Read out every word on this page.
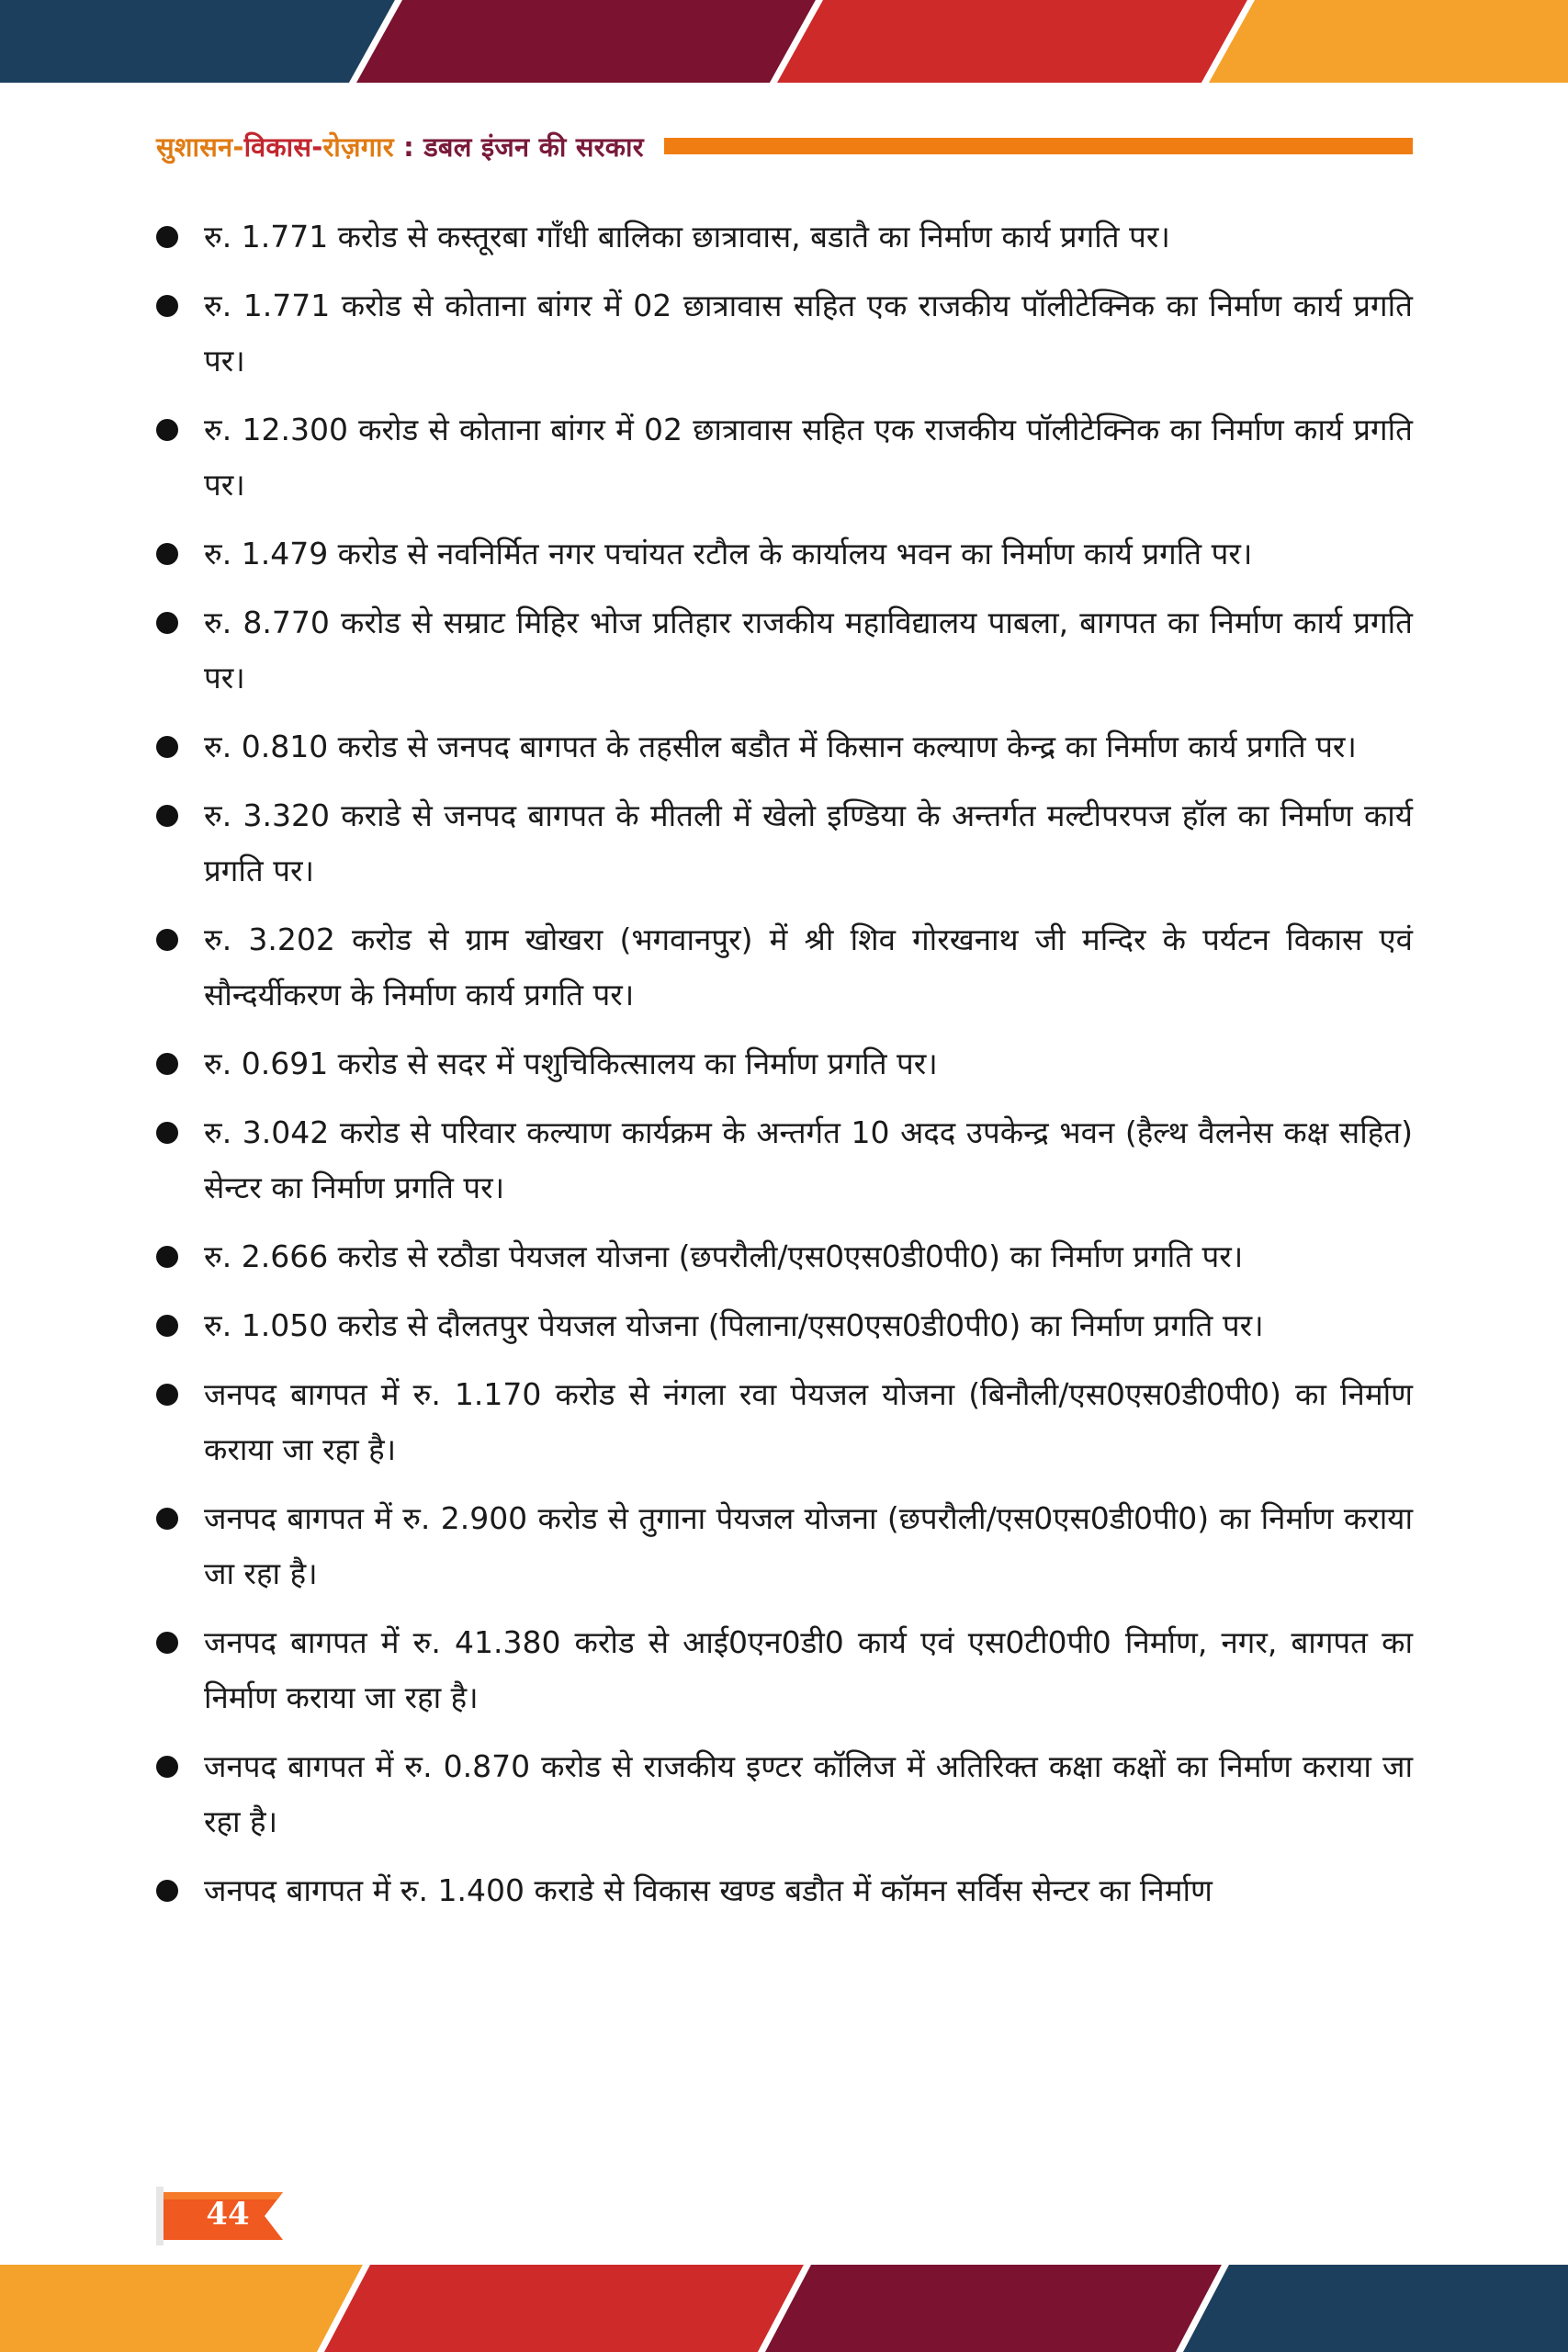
सुशासन-विकास-रोज़गार : डबल इंजन की सरकार
रु. 1.771 करोड से कस्तूरबा गाँधी बालिका छात्रावास, बडातै का निर्माण कार्य प्रगति पर।
रु. 1.771 करोड से कोताना बांगर में 02 छात्रावास सहित एक राजकीय पॉलीटेक्निक का निर्माण कार्य प्रगति पर।
रु. 12.300 करोड से कोताना बांगर में 02 छात्रावास सहित एक राजकीय पॉलीटेक्निक का निर्माण कार्य प्रगति पर।
रु. 1.479 करोड से नवनिर्मित नगर पचांयत रटौल के कार्यालय भवन का निर्माण कार्य प्रगति पर।
रु. 8.770 करोड से सम्राट मिहिर भोज प्रतिहार राजकीय महाविद्यालय पाबला, बागपत का निर्माण कार्य प्रगति पर।
रु. 0.810 करोड से जनपद बागपत के तहसील बडौत में किसान कल्याण केन्द्र का निर्माण कार्य प्रगति पर।
रु. 3.320 कराडे से जनपद बागपत के मीतली में खेलो इण्डिया के अन्तर्गत मल्टीपरपज हॉल का निर्माण कार्य प्रगति पर।
रु. 3.202 करोड से ग्राम खोखरा (भगवानपुर) में श्री शिव गोरखनाथ जी मन्दिर के पर्यटन विकास एवं सौन्दर्यीकरण के निर्माण कार्य प्रगति पर।
रु. 0.691 करोड से सदर में पशुचिकित्सालय का निर्माण प्रगति पर।
रु. 3.042 करोड से परिवार कल्याण कार्यक्रम के अन्तर्गत 10 अदद उपकेन्द्र भवन (हैल्थ वैलनेस कक्ष सहित) सेन्टर का निर्माण प्रगति पर।
रु. 2.666 करोड से रठौडा पेयजल योजना (छपरौली/एस0एस0डी0पी0) का निर्माण प्रगति पर।
रु. 1.050 करोड से दौलतपुर पेयजल योजना (पिलाना/एस0एस0डी0पी0) का निर्माण प्रगति पर।
जनपद बागपत में रु. 1.170 करोड से नंगला रवा पेयजल योजना (बिनौली/एस0एस0डी0पी0) का निर्माण कराया जा रहा है।
जनपद बागपत में रु. 2.900 करोड से तुगाना पेयजल योजना (छपरौली/एस0एस0डी0पी0) का निर्माण कराया जा रहा है।
जनपद बागपत में रु. 41.380 करोड से आई0एन0डी0 कार्य एवं एस0टी0पी0 निर्माण, नगर, बागपत का निर्माण कराया जा रहा है।
जनपद बागपत में रु. 0.870 करोड से राजकीय इण्टर कॉलिज में अतिरिक्त कक्षा कक्षों का निर्माण कराया जा रहा है।
जनपद बागपत में रु. 1.400 कराडे से विकास खण्ड बडौत में कॉमन सर्विस सेन्टर का निर्माण
44
